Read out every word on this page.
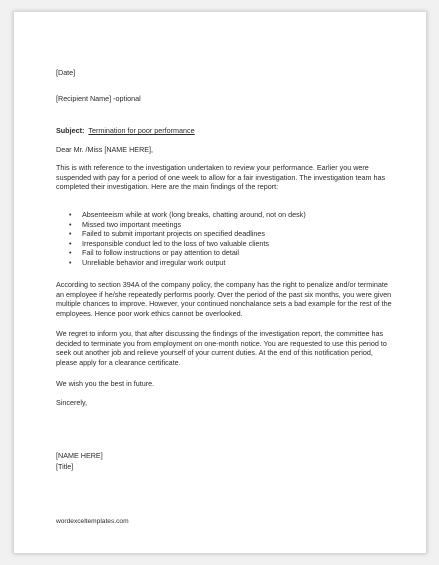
[Date]

[Recipient Name] -optional

Subject: Termination for poor performance

Dear Mr. /Miss [NAME HERE],

This is with reference to the investigation undertaken to review your performance. Earlier you were suspended with pay for a period of one week to allow for a fair investigation. The investigation team has completed their investigation. Here are the main findings of the report:

• Absenteeism while at work (long breaks, chatting around, not on desk)
• Missed two important meetings
• Failed to submit important projects on specified deadlines
• Irresponsible conduct led to the loss of two valuable clients
• Fail to follow instructions or pay attention to detail
• Unreliable behavior and irregular work output

According to section 394A of the company policy, the company has the right to penalize and/or terminate an employee if he/she repeatedly performs poorly. Over the period of the past six months, you were given multiple chances to improve. However, your continued nonchalance sets a bad example for the rest of the employees. Hence poor work ethics cannot be overlooked.

We regret to inform you, that after discussing the findings of the investigation report, the committee has decided to terminate you from employment on one-month notice. You are requested to use this period to seek out another job and relieve yourself of your current duties. At the end of this notification period, please apply for a clearance certificate.

We wish you the best in future.

Sincerely,

[NAME HERE]

[Title]

wordexceltemplates.com
